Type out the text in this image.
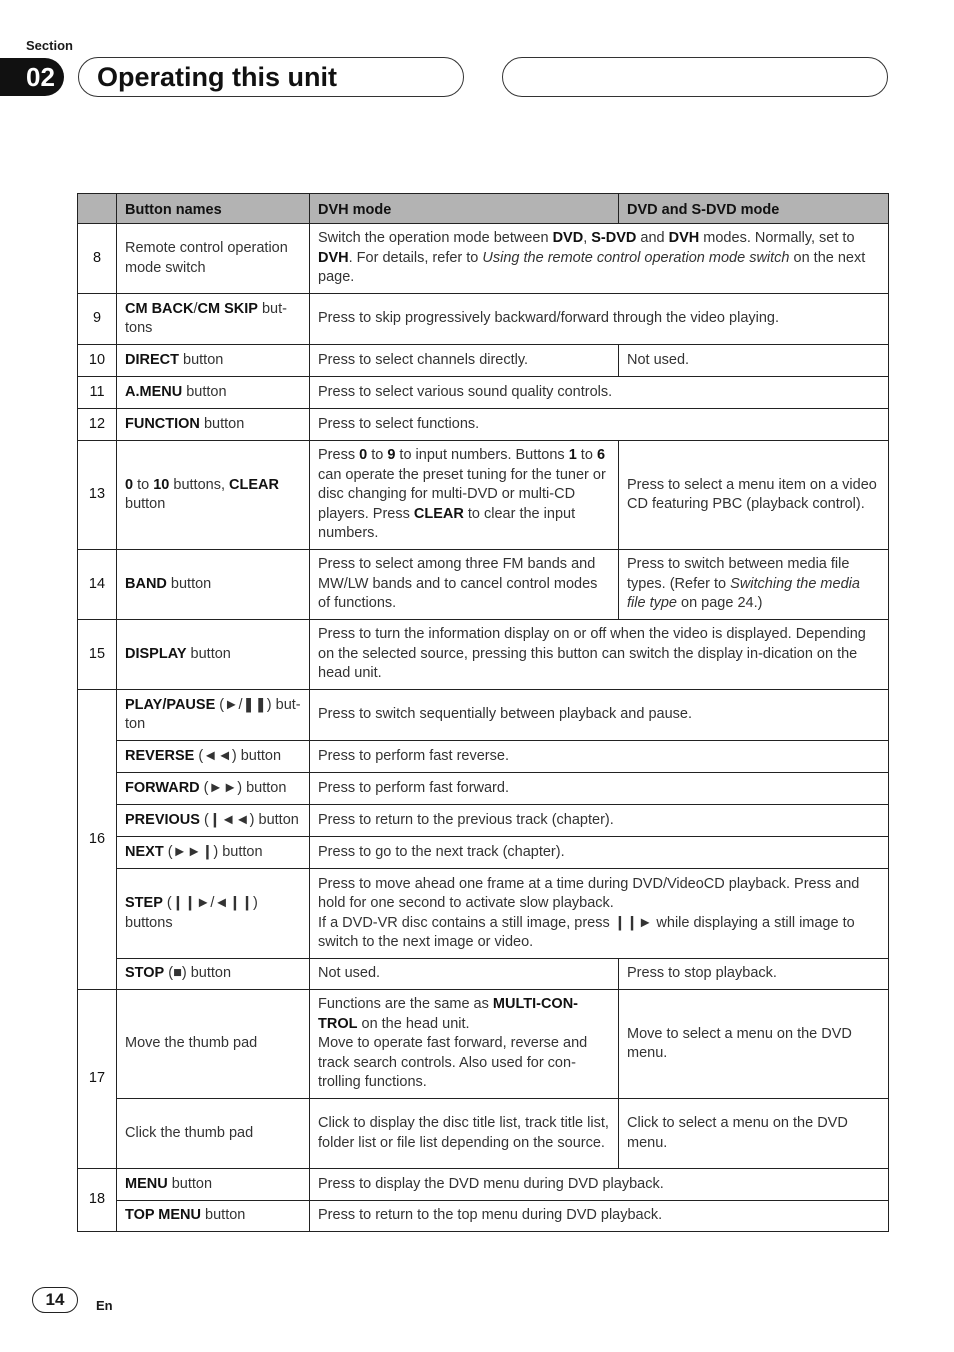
Section
02	Operating this unit
	Button names	DVH mode	DVD and S-DVD mode
8	Remote control operation mode switch	Switch the operation mode between DVD, S-DVD and DVH modes. Normally, set to DVH. For details, refer to Using the remote control operation mode switch on the next page.	
9	CM BACK/CM SKIP but-tons	Press to skip progressively backward/forward through the video playing.	
10	DIRECT button	Press to select channels directly.	Not used.
11	A.MENU button	Press to select various sound quality controls.	
12	FUNCTION button	Press to select functions.	
13	0 to 10 buttons, CLEAR button	Press 0 to 9 to input numbers. Buttons 1 to 6 can operate the preset tuning for the tuner or disc changing for multi-DVD or multi-CD players. Press CLEAR to clear the input numbers.	Press to select a menu item on a video CD featuring PBC (playback control).
14	BAND button	Press to select among three FM bands and MW/LW bands and to cancel control modes of functions.	Press to switch between media file types. (Refer to Switching the media file type on page 24.)
15	DISPLAY button	Press to turn the information display on or off when the video is displayed. Depending on the selected source, pressing this button can switch the display in-dication on the head unit.	
16	PLAY/PAUSE (►/❚❚) but-ton	Press to switch sequentially between playback and pause.	
	REVERSE (◄◄) button	Press to perform fast reverse.	
	FORWARD (►►) button	Press to perform fast forward.	
	PREVIOUS (❙◄◄) button	Press to return to the previous track (chapter).	
	NEXT (►►❙) button	Press to go to the next track (chapter).	
	STEP (❙❙►/◄❙❙) buttons	Press to move ahead one frame at a time during DVD/VideoCD playback. Press and hold for one second to activate slow playback.
If a DVD-VR disc contains a still image, press ❙❙► while displaying a still image to switch to the next image or video.	

	STOP (■) button	Not used.	Press to stop playback.
17	Move the thumb pad	Functions are the same as MULTI-CON-TROL on the head unit.
Move to operate fast forward, reverse and track search controls. Also used for con-trolling functions.	Move to select a menu on the DVD menu.
	Click the thumb pad	Click to display the disc title list, track title list, folder list or file list depending on the source.	Click to select a menu on the DVD menu.
18	MENU button	Press to display the DVD menu during DVD playback.	
	TOP MENU button	Press to return to the top menu during DVD playback.	
14	En
